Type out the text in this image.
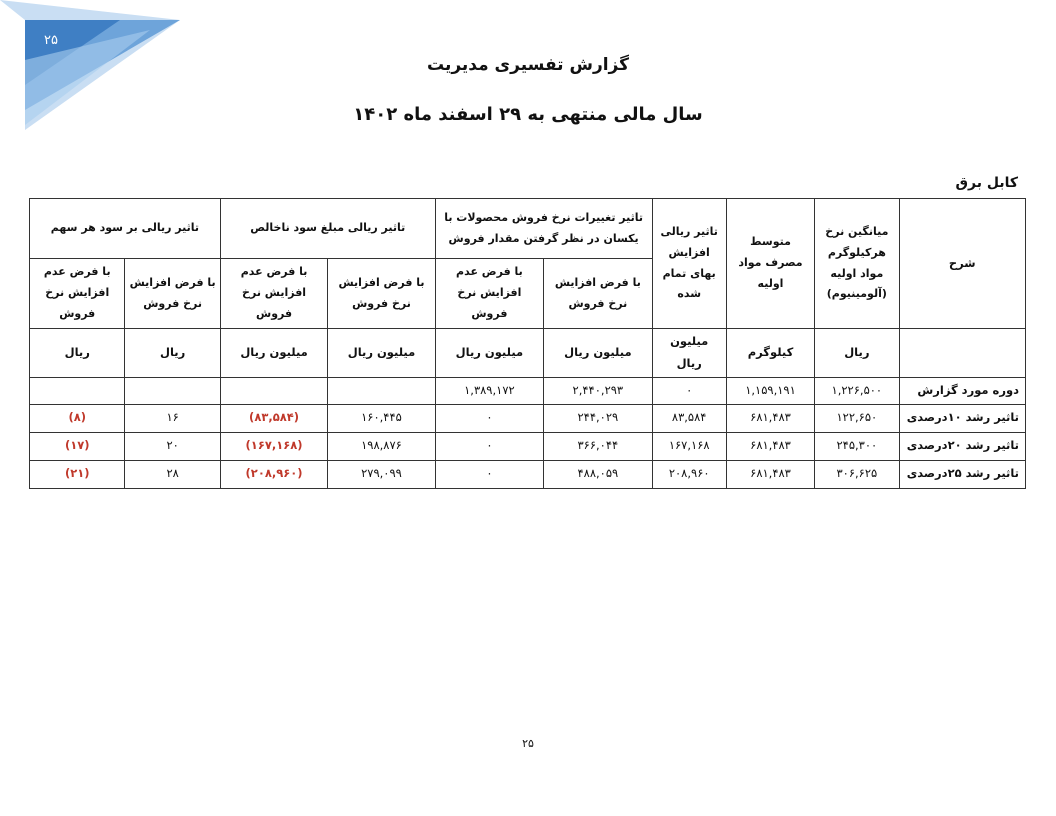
۲۵
گزارش تفسیری مدیریت
سال مالی منتهی به ۲۹ اسفند ماه ۱۴۰۲
کابل برق
شرح	میانگین نرخ هرکیلوگرم مواد اولیه (آلومینیوم)	متوسط مصرف مواد اولیه	تاثیر ریالی افزایش بهای تمام شده	تاثیر تغییرات نرخ فروش محصولات با یکسان در نظر گرفتن مقدار فروش		تاثیر ریالی مبلغ سود ناخالص		تاثیر ریالی بر سود هر سهم	
				با فرض افزایش نرخ فروش	با فرض عدم افزایش نرخ فروش	با فرض افزایش نرخ فروش	با فرض عدم افزایش نرخ فروش	با فرض افزایش نرخ فروش	با فرض عدم افزایش نرخ فروش
	ریال	کیلوگرم	میلیون ریال	میلیون ریال	میلیون ریال	میلیون ریال	میلیون ریال	ریال	ریال
دوره مورد گزارش	۱,۲۲۶,۵۰۰	۱,۱۵۹,۱۹۱	۰	۲,۴۴۰,۲۹۳	۱,۳۸۹,۱۷۲				
تاثیر رشد ۱۰درصدی	۱۲۲,۶۵۰	۶۸۱,۴۸۳	۸۳,۵۸۴	۲۴۴,۰۲۹	۰	۱۶۰,۴۴۵	(۸۳,۵۸۴)	۱۶	(۸)
تاثیر رشد ۲۰درصدی	۲۴۵,۳۰۰	۶۸۱,۴۸۳	۱۶۷,۱۶۸	۳۶۶,۰۴۴	۰	۱۹۸,۸۷۶	(۱۶۷,۱۶۸)	۲۰	(۱۷)
تاثیر رشد ۲۵درصدی	۳۰۶,۶۲۵	۶۸۱,۴۸۳	۲۰۸,۹۶۰	۴۸۸,۰۵۹	۰	۲۷۹,۰۹۹	(۲۰۸,۹۶۰)	۲۸	(۲۱)
۲۵
